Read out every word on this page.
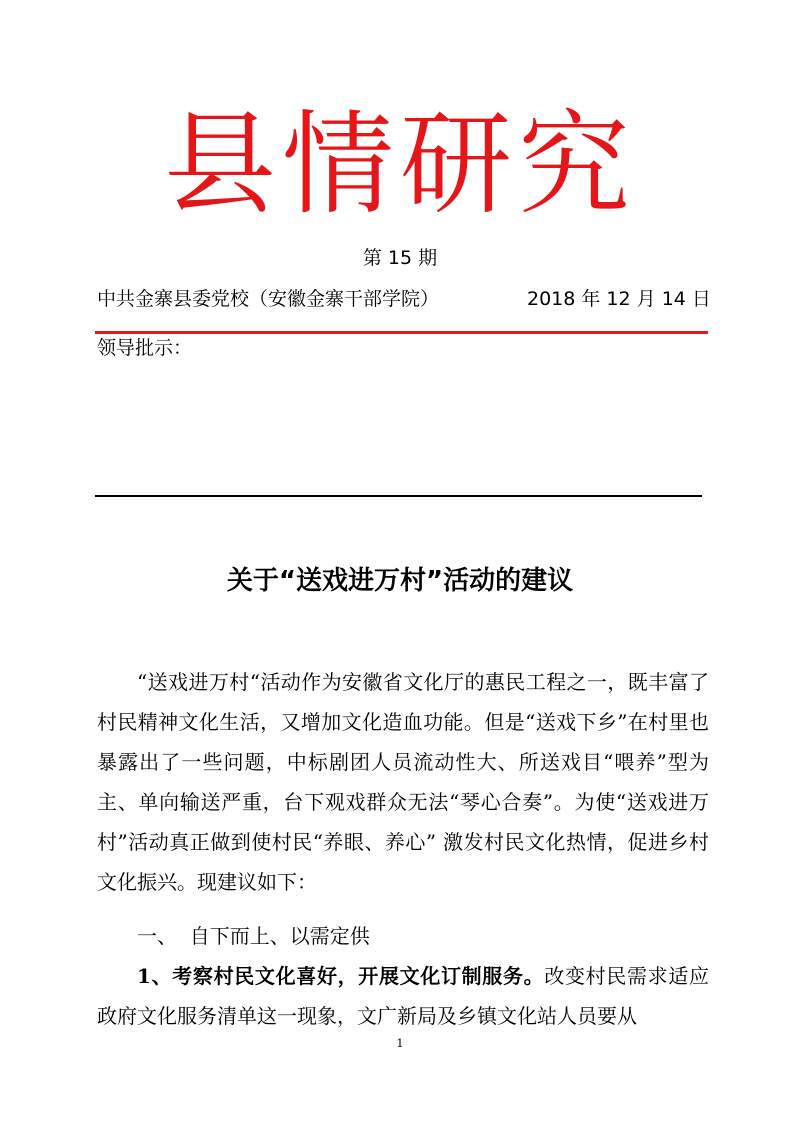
县情研究
第 15 期
中共金寨县委党校（安徽金寨干部学院）	2018 年 12 月 14 日
领导批示：
关于“送戏进万村”活动的建议
“送戏进万村“活动作为安徽省文化厅的惠民工程之一，既丰富了村民精神文化生活，又增加文化造血功能。但是“送戏下乡”在村里也暴露出了一些问题，中标剧团人员流动性大、所送戏目“喂养”型为主、单向输送严重，台下观戏群众无法“琴心合奏”。为使“送戏进万村”活动真正做到使村民“养眼、养心” 激发村民文化热情，促进乡村文化振兴。现建议如下：
一、  自下而上、以需定供
1、考察村民文化喜好，开展文化订制服务。改变村民需求适应政府文化服务清单这一现象，文广新局及乡镇文化站人员要从
1
